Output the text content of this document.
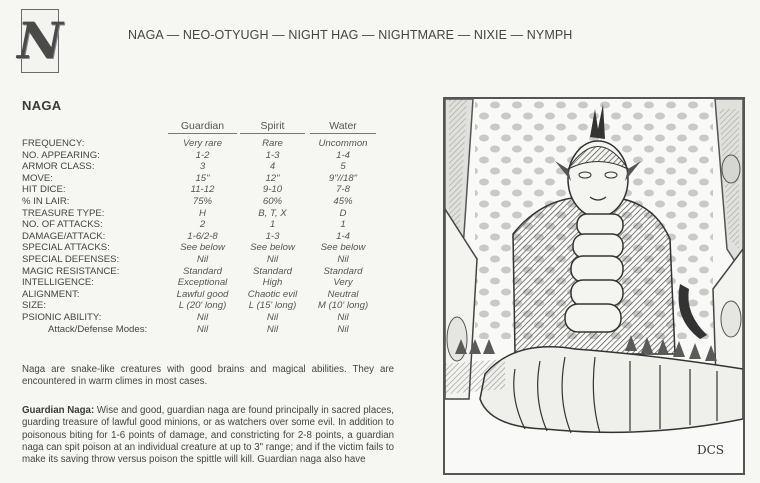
N	NAGA — NEO-OTYUGH — NIGHT HAG — NIGHTMARE — NIXIE — NYMPH
NAGA
Guardian	Spirit	Water
FREQUENCY:	Very rare	Rare	Uncommon
NO. APPEARING:	1-2	1-3	1-4
ARMOR CLASS:	3	4	5
MOVE:	15"	12"	9"//18"
HIT DICE:	11-12	9-10	7-8
% IN LAIR:	75%	60%	45%
TREASURE TYPE:	H	B, T, X	D
NO. OF ATTACKS:	2	1	1
DAMAGE/ATTACK:	1-6/2-8	1-3	1-4
SPECIAL ATTACKS:	See below	See below	See below
SPECIAL DEFENSES:	Nil	Nil	Nil
MAGIC RESISTANCE:	Standard	Standard	Standard
INTELLIGENCE:	Exceptional	High	Very
ALIGNMENT:	Lawful good	Chaotic evil	Neutral
SIZE:	L (20' long)	L (15' long)	M (10' long)
PSIONIC ABILITY:	Nil	Nil	Nil
Attack/Defense Modes:	Nil	Nil	Nil
Naga are snake-like creatures with good brains and magical abilities. They are encountered in warm climes in most cases.
Guardian Naga: Wise and good, guardian naga are found principally in sacred places, guarding treasure of lawful good minions, or as watchers over some evil. In addition to poisonous biting for 1-6 points of damage, and constricting for 2-8 points, a guardian naga can spit poison at an individual creature at up to 3" range; and if the victim fails to make its saving throw versus poison the spittle will kill. Guardian naga also have
DCS
